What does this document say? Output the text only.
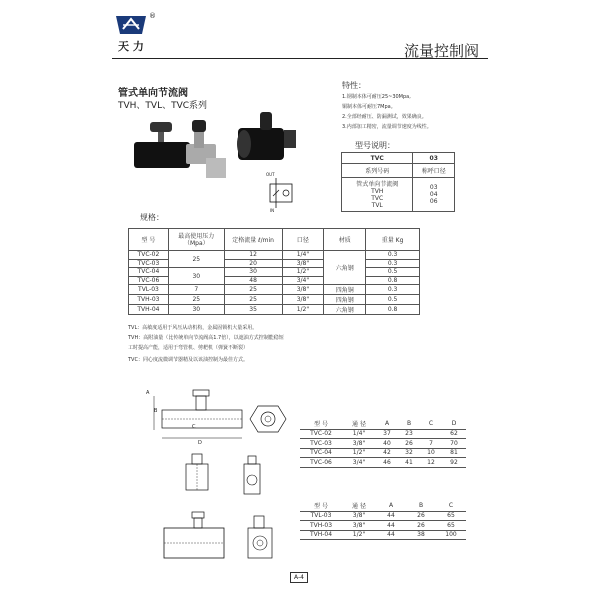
®
天 力	流量控制阀
管式单向节流阀
TVH、TVL、TVC系列
特性：
1.钢制本体可耐压25~30Mpa,
铜制本体可耐压7Mpa。
2.全部经耐压、防漏测试，效果确良。
3.内部加工精密，流量调节速度为线性。
型号说明：
TVC	03
系列号码	称呼口径
管式单向节流阀
TVH
TVC
TVL	03
04
06
OUT
IN
规格：
型 号	最高使用压力
（Mpa）	定格流量 ℓ/min	口径	材质	重量 Kg
TVC-02	25	12	1/4"	六角钢	0.3
TVC-03		20	3/8"		0.3
TVC-04	30	30	1/2"		0.5
TVC-06		48	3/4"		0.8
TVL-03	7	25	3/8"	四角铜	0.3
TVH-03	25	25	3/8"	四角钢	0.5
TVH-04	30	35	1/2"	六角钢	0.8
TVL：高敏度适用于风压从动机构，金属固锁机大量采用。
TVH：高附油量（比传统单向节流阀高1.7倍），以遮油方式控制能稳短
工时提高产能，适用于弯管机、剪耙机（弹簧不断裂）
TVC：同心度流微调节器精及以该油控制为最佳方式。
A
B
C
D
型 号	通 径	A	B	C	D
TVC-02	1/4"	37	23		62
TVC-03	3/8"	40	26	7	70
TVC-04	1/2"	42	32	10	81
TVC-06	3/4"	46	41	12	92
型 号	通 径	A	B	C
TVL-03	3/8"	44	26	65
TVH-03	3/8"	44	26	65
TVH-04	1/2"	44	38	100
A-4
